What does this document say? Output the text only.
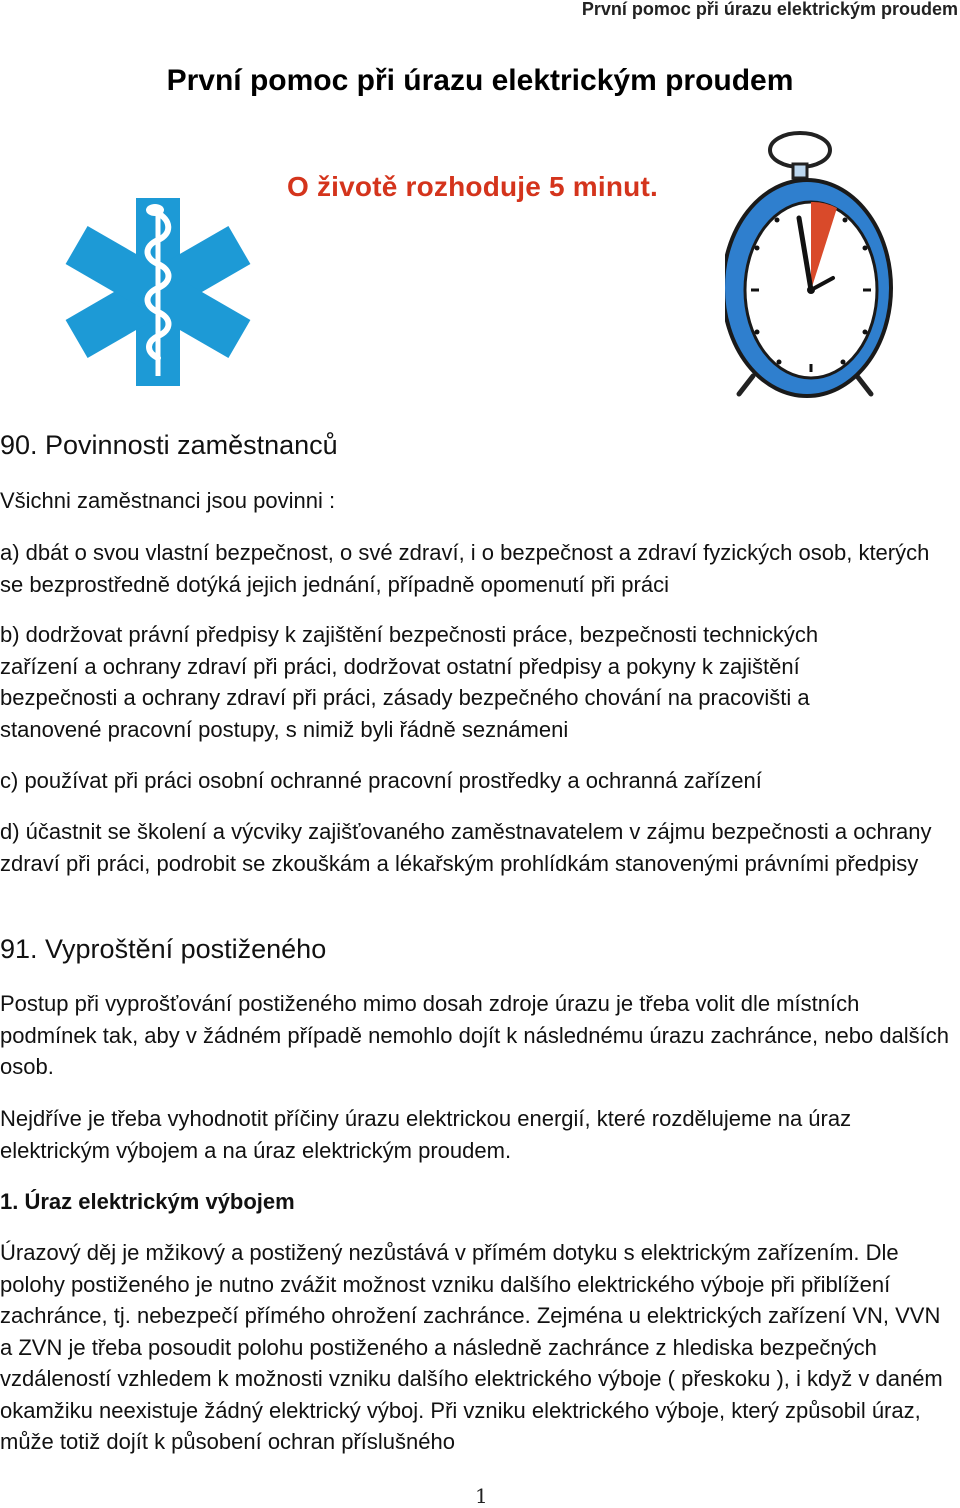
První pomoc při úrazu elektrickým proudem
První pomoc při úrazu elektrickým proudem
O životě rozhoduje 5 minut.
90. Povinnosti zaměstnanců

Všichni zaměstnanci jsou povinni :

a) dbát o svou vlastní bezpečnost, o své zdraví, i o bezpečnost a zdraví fyzických osob, kterých se bezprostředně dotýká jejich jednání, případně opomenutí při práci

b) dodržovat právní předpisy k zajištění bezpečnosti práce, bezpečnosti technických zařízení a ochrany zdraví při práci, dodržovat ostatní předpisy a pokyny k zajištění bezpečnosti a ochrany zdraví při práci, zásady bezpečného chování na pracovišti a stanovené pracovní postupy, s nimiž byli řádně seznámeni

c) používat při práci osobní ochranné pracovní prostředky a ochranná zařízení

d) účastnit se školení a výcviky zajišťovaného zaměstnavatelem v zájmu bezpečnosti a ochrany zdraví při práci, podrobit se zkouškám a lékařským prohlídkám stanovenými právními předpisy

91. Vyproštění postiženého

Postup při vyprošťování postiženého mimo dosah zdroje úrazu je třeba volit dle místních podmínek tak, aby v žádném případě nemohlo dojít k následnému úrazu zachránce, nebo dalších osob.

Nejdříve je třeba vyhodnotit příčiny úrazu elektrickou energií, které rozdělujeme na úraz elektrickým výbojem a na úraz elektrickým proudem.

1. Úraz elektrickým výbojem

Úrazový děj je mžikový a postižený nezůstává v přímém dotyku s elektrickým zařízením. Dle polohy postiženého je nutno zvážit možnost vzniku dalšího elektrického výboje při přiblížení zachránce, tj. nebezpečí přímého ohrožení zachránce. Zejména u elektrických zařízení VN, VVN a ZVN je třeba posoudit polohu postiženého a následně zachránce z hlediska bezpečných vzdáleností vzhledem k možnosti vzniku dalšího elektrického výboje ( přeskoku ), i když v daném okamžiku neexistuje žádný elektrický výboj. Při vzniku elektrického výboje, který způsobil úraz, může totiž dojít k působení ochran příslušného

1
